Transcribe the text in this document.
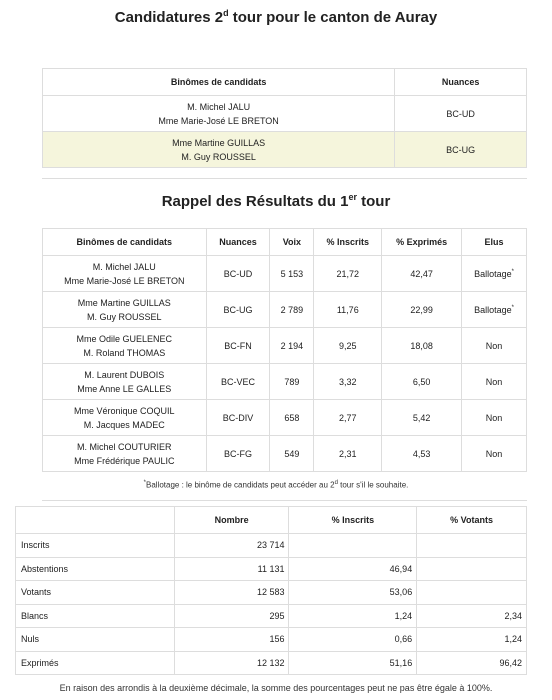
Candidatures 2$^d$ tour pour le canton de Auray
Binômes de candidats	Nuances

M. Michel JALU
Mme Marie-José LE BRETON	BC-UD

Mme Martine GUILLAS
M. Guy ROUSSEL	BC-UG
Rappel des Résultats du 1er tour
Binômes de candidats	Nuances	Voix	% Inscrits	% Exprimés	Elus

M. Michel JALU
Mme Marie-José LE BRETON	BC-UD	5 153	21,72	42,47	Ballotage*

Mme Martine GUILLAS
M. Guy ROUSSEL	BC-UG	2 789	11,76	22,99	Ballotage*

Mme Odile GUELENEC
M. Roland THOMAS	BC-FN	2 194	9,25	18,08	Non

M. Laurent DUBOIS
Mme Anne LE GALLES	BC-VEC	789	3,32	6,50	Non

Mme Véronique COQUIL
M. Jacques MADEC	BC-DIV	658	2,77	5,42	Non

M. Michel COUTURIER
Mme Frédérique PAULIC	BC-FG	549	2,31	4,53	Non
*Ballotage : le binôme de candidats peut accéder au 2$^d$ tour s'il le souhaite.
	Nombre	% Inscrits	% Votants
Inscrits	23 714		
Abstentions	11 131	46,94	
Votants	12 583	53,06	
Blancs	295	1,24	2,34
Nuls	156	0,66	1,24
Exprimés	12 132	51,16	96,42
En raison des arrondis à la deuxième décimale, la somme des pourcentages peut ne pas être égale à 100%.
